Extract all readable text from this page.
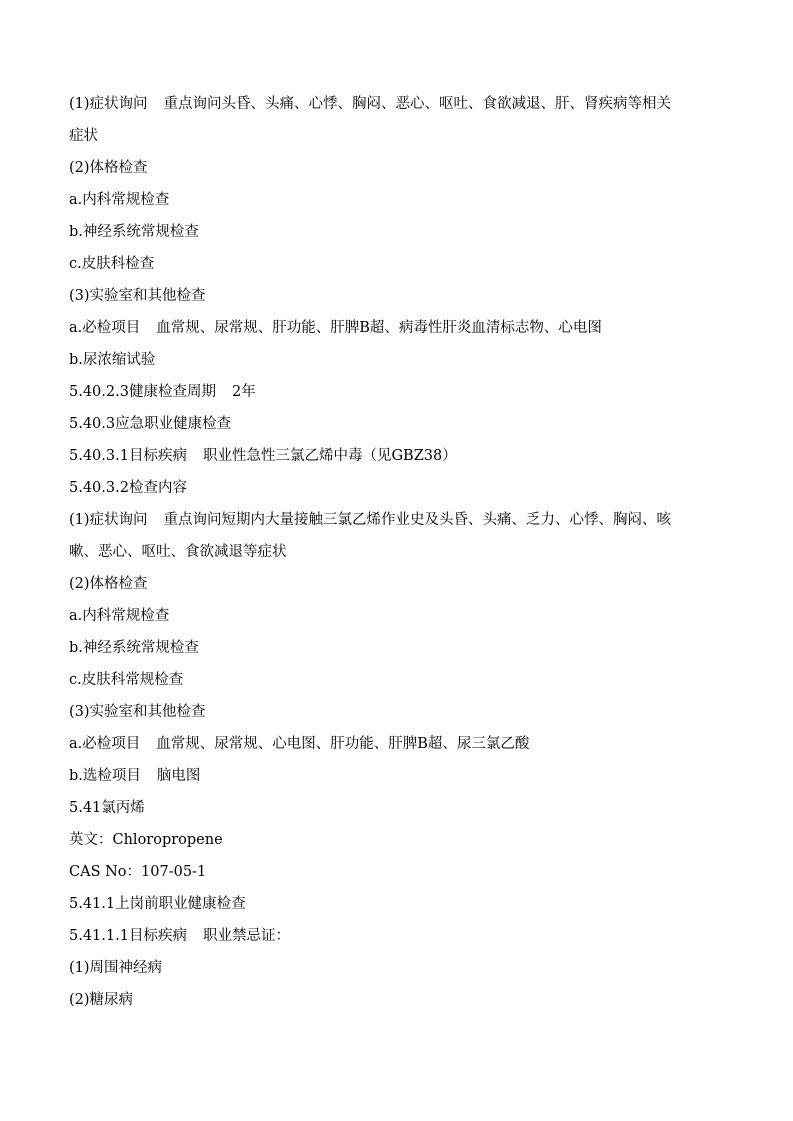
(1)症状询问 重点询问头昏、头痛、心悸、胸闷、恶心、呕吐、食欲减退、肝、肾疾病等相关
症状
(2)体格检查
a.内科常规检查
b.神经系统常规检查
c.皮肤科检查
(3)实验室和其他检查
a.必检项目 血常规、尿常规、肝功能、肝脾B超、病毒性肝炎血清标志物、心电图
b.尿浓缩试验
5.40.2.3健康检查周期 2年
5.40.3应急职业健康检查
5.40.3.1目标疾病 职业性急性三氯乙烯中毒（见GBZ38）
5.40.3.2检查内容
(1)症状询问 重点询问短期内大量接触三氯乙烯作业史及头昏、头痛、乏力、心悸、胸闷、咳
嗽、恶心、呕吐、食欲减退等症状
(2)体格检查
a.内科常规检查
b.神经系统常规检查
c.皮肤科常规检查
(3)实验室和其他检查
a.必检项目 血常规、尿常规、心电图、肝功能、肝脾B超、尿三氯乙酸
b.选检项目 脑电图
5.41氯丙烯
英文：Chloropropene
CAS No：107-05-1
5.41.1上岗前职业健康检查
5.41.1.1目标疾病 职业禁忌证：
(1)周围神经病
(2)糖尿病
